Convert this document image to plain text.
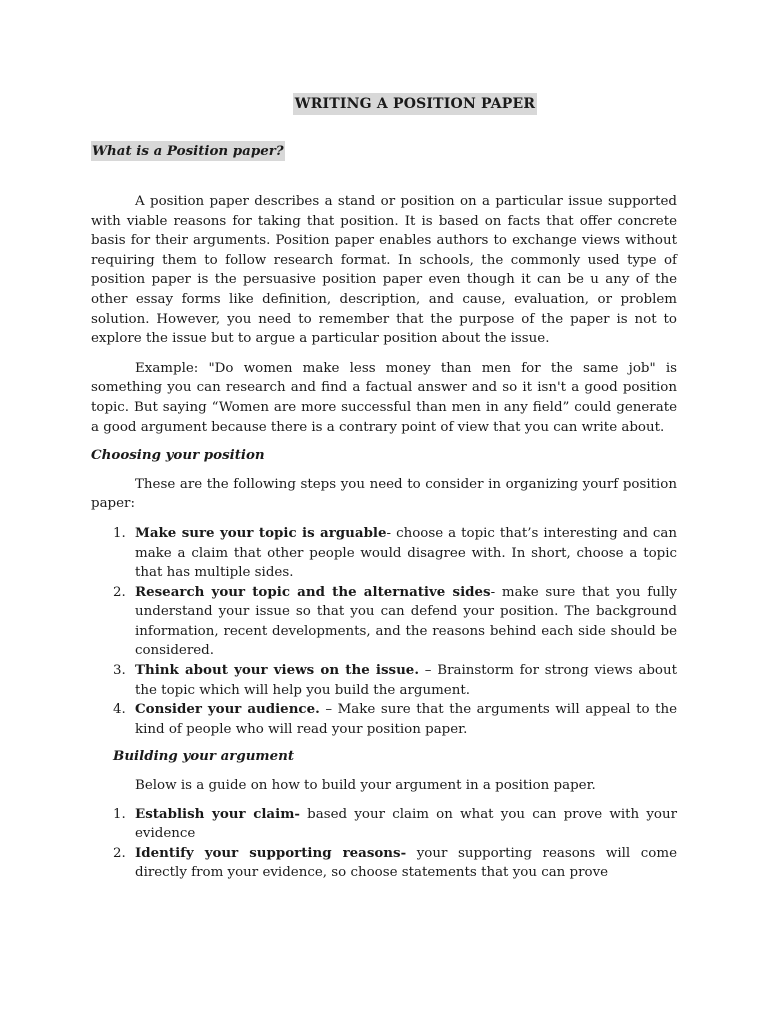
WRITING A POSITION PAPER
What is a Position paper?

A position paper describes a stand or position on a particular issue supported with viable reasons for taking that position. It is based on facts that offer concrete basis for their arguments. Position paper enables authors to exchange views without requiring them to follow research format. In schools, the commonly used type of position paper is the persuasive position paper even though it can be u any of the other essay forms like definition, description, and cause, evaluation, or problem solution. However, you need to remember that the purpose of the paper is not to explore the issue but to argue a particular position about the issue.

Example: "Do women make less money than men for the same job" is something you can research and find a factual answer and so it isn't a good position topic. But saying “Women are more successful than men in any field” could generate a good argument because there is a contrary point of view that you can write about.

Choosing your position

These are the following steps you need to consider in organizing yourf position paper:

1. Make sure your topic is arguable- choose a topic that’s interesting and can make a claim that other people would disagree with. In short, choose a topic that has multiple sides.
2. Research your topic and the alternative sides- make sure that you fully understand your issue so that you can defend your position. The background information, recent developments, and the reasons behind each side should be considered.
3. Think about your views on the issue. – Brainstorm for strong views about the topic which will help you build the argument.
4. Consider your audience. – Make sure that the arguments will appeal to the kind of people who will read your position paper.

Building your argument

Below is a guide on how to build your argument in a position paper.

1. Establish your claim- based your claim on what you can prove with your evidence
2. Identify your supporting reasons- your supporting reasons will come directly from your evidence, so choose statements that you can prove
